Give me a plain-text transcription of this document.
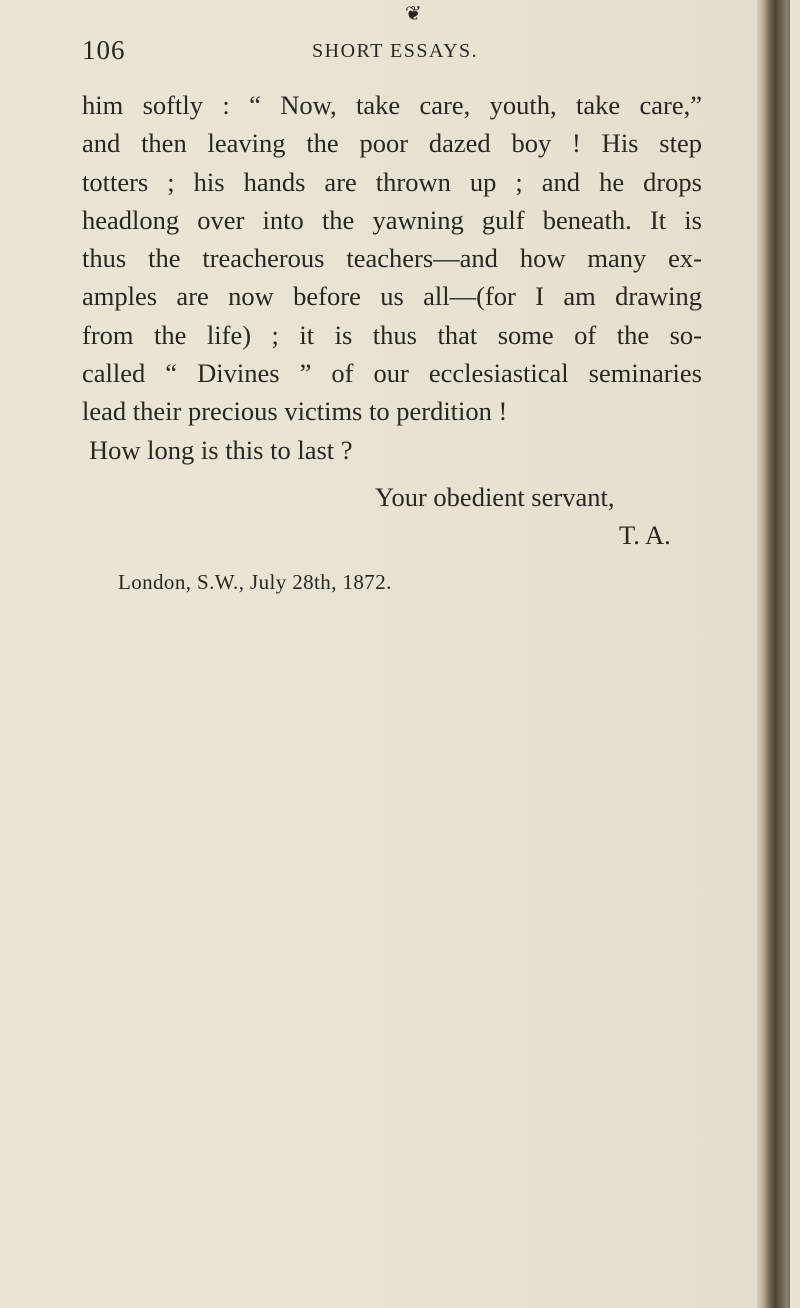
❦
106	SHORT ESSAYS.
him softly : “ Now, take care, youth, take care,”
and then leaving the poor dazed boy ! His step
totters ; his hands are thrown up ; and he drops
headlong over into the yawning gulf beneath. It is
thus the treacherous teachers—and how many ex-
amples are now before us all—(for I am drawing
from the life) ; it is thus that some of the so-
called “ Divines ” of our ecclesiastical seminaries
lead their precious victims to perdition !
How long is this to last ?
Your obedient servant,
T. A.
London, S.W., July 28th, 1872.
